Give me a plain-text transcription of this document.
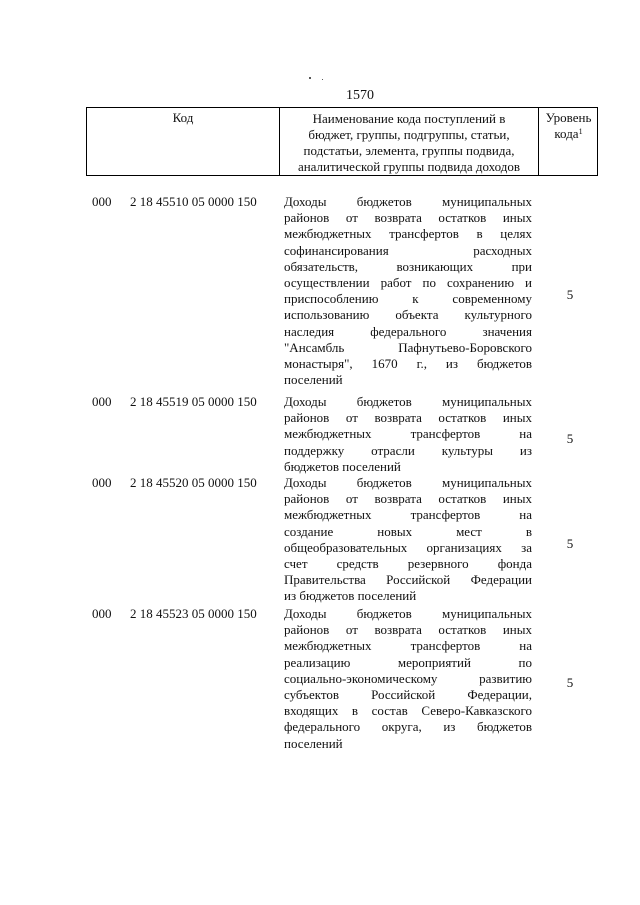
1570
Код	Наименование кода поступлений в
бюджет, группы, подгруппы, статьи,
подстатьи, элемента, группы подвида,
аналитической группы подвида доходов
Уровень
кода$^1$
000 2 18 45510 05 0000 150 Доходы бюджетов муниципальных
районов от возврата остатков иных
межбюджетных трансфертов в целях
софинансирования расходных
обязательств, возникающих при
осуществлении работ по сохранению и
приспособлению к современному
использованию объекта культурного
наследия федерального значения
"Ансамбль Пафнутьево-Боровского
монастыря", 1670 г., из бюджетов
поселений
5
000 2 18 45519 05 0000 150 Доходы бюджетов муниципальных
районов от возврата остатков иных
межбюджетных трансфертов на
поддержку отрасли культуры из
бюджетов поселений
5
000 2 18 45520 05 0000 150 Доходы бюджетов муниципальных
районов от возврата остатков иных
межбюджетных трансфертов на
создание новых мест в
общеобразовательных организациях за
счет средств резервного фонда
Правительства Российской Федерации
из бюджетов поселений
5
000 2 18 45523 05 0000 150 Доходы бюджетов муниципальных
районов от возврата остатков иных
межбюджетных трансфертов на
реализацию мероприятий по
социально-экономическому развитию
субъектов Российской Федерации,
входящих в состав Северо-Кавказского
федерального округа, из бюджетов
поселений
5
